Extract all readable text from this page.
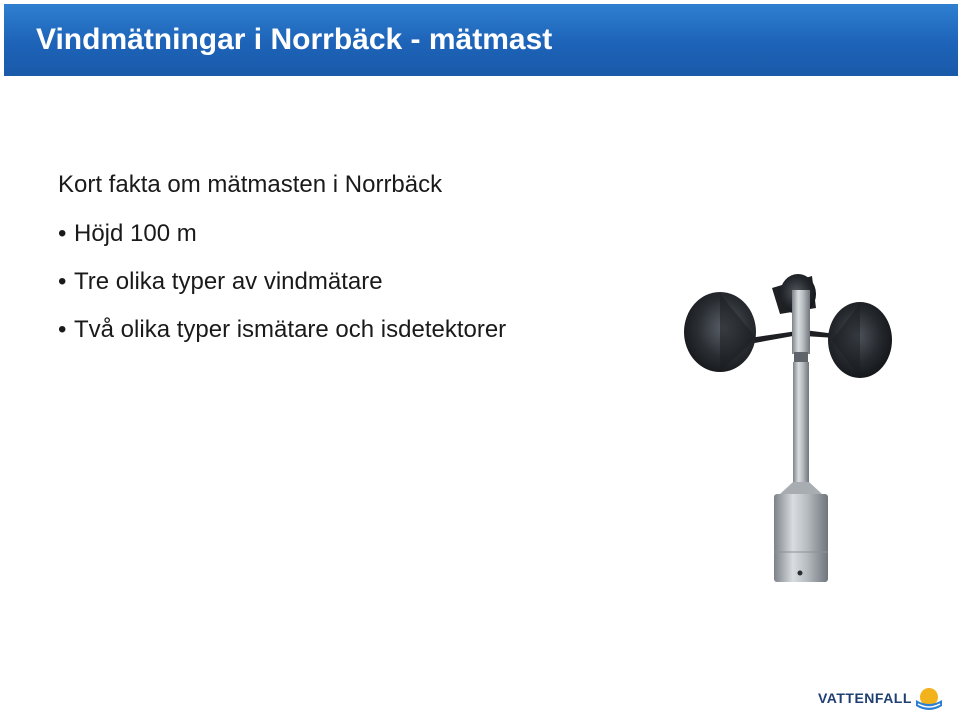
Vindmätningar i Norrbäck - mätmast
Kort fakta om mätmasten i Norrbäck
• Höjd 100 m
• Tre olika typer av vindmätare
• Två olika typer ismätare och isdetektorer
VATTENFALL
